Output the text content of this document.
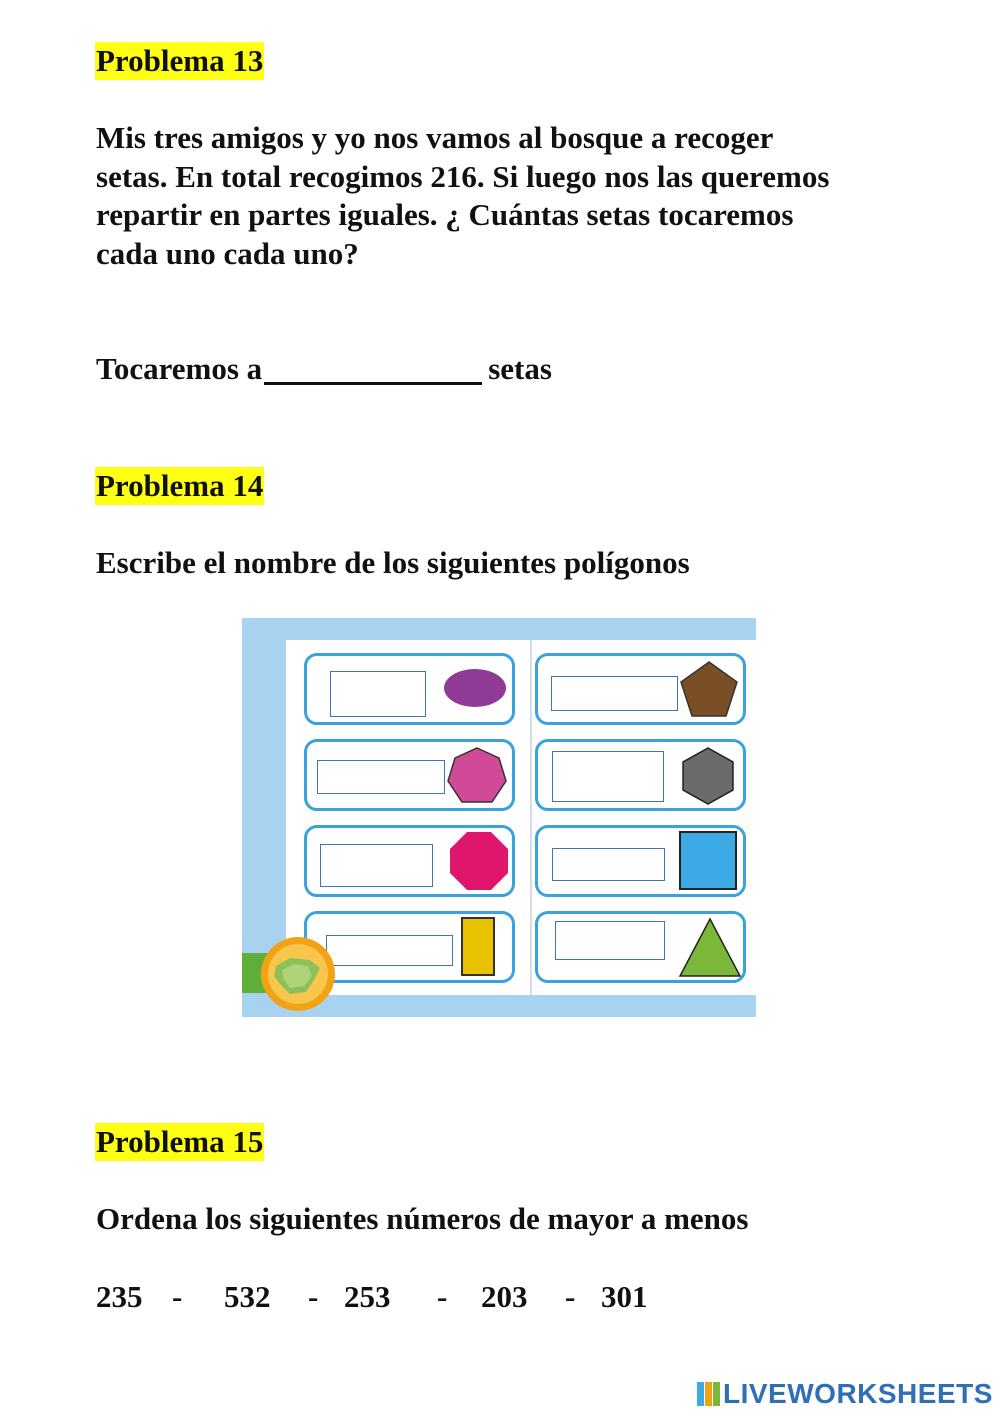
Problema 13
Mis tres amigos y yo nos vamos al bosque a recoger
setas. En total recogimos 216. Si luego nos las queremos
repartir en partes iguales. ¿ Cuántas setas tocaremos
cada uno cada uno?
Tocaremos a	setas
Problema 14
Escribe el nombre de los siguientes polígonos
Problema 15
Ordena los siguientes números de mayor a menos
235 - 532 - 253 - 203 - 301
LIVEWORKSHEETS
